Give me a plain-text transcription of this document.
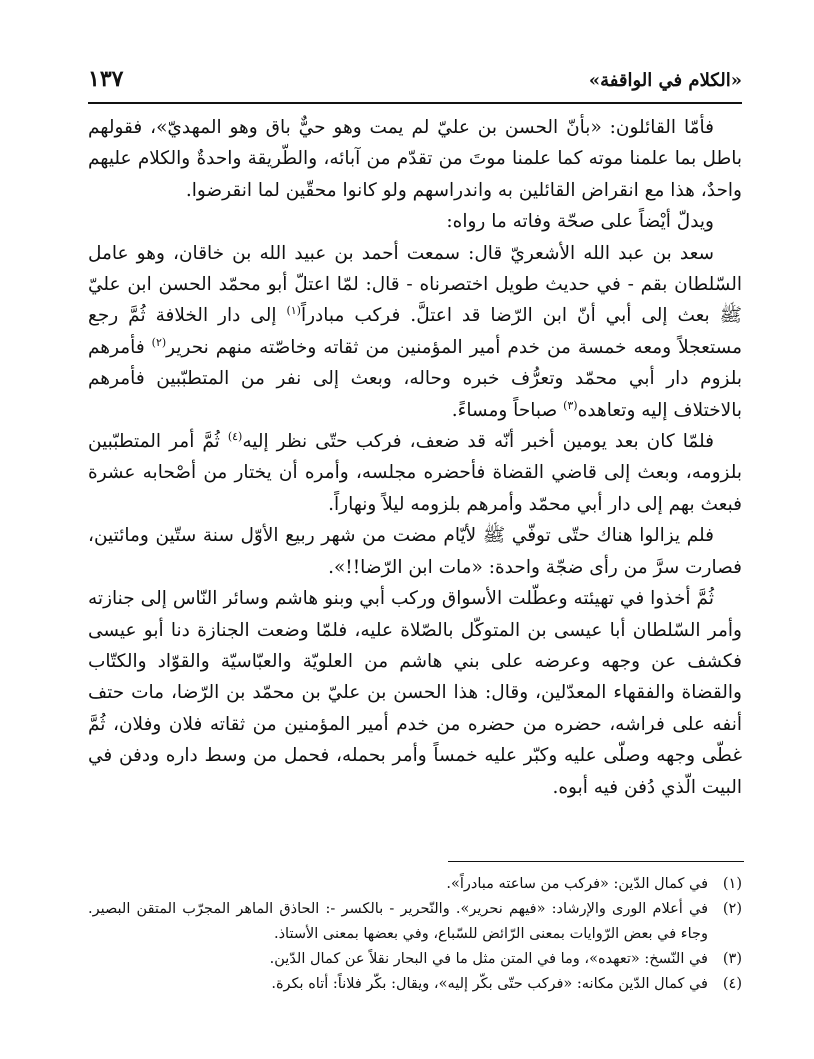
«الكلام في الواقفة»
١٣٧

فأمّا القائلون: «بأنّ الحسن بن عليّ لم يمت وهو حيٌّ باق وهو المهديّ»، فقولهم باطل بما علمنا موته كما علمنا موتَ من تقدّم من آبائه، والطّريقة واحدةٌ والكلام عليهم واحدٌ، هذا مع انقراض القائلين به واندراسهم ولو كانوا محقّين لما انقرضوا.

ويدلّ أيْضاً على صحّة وفاته ما رواه:

سعد بن عبد الله الأشعريّ قال: سمعت أحمد بن عبيد الله بن خاقان، وهو عامل السّلطان بقم - في حديث طويل اختصرناه - قال: لمّا اعتلّ أبو محمّد الحسن ابن عليّ ﷺ بعث إلى أبي أنّ ابن الرّضا قد اعتلَّ. فركب مبادراً$^{(١)}$ إلى دار الخلافة ثُمَّ رجع مستعجلاً ومعه خمسة من خدم أمير المؤمنين من ثقاته وخاصّته منهم نحرير$^{(٢)}$ فأمرهم بلزوم دار أبي محمّد وتعرُّف خبره وحاله، وبعث إلى نفر من المتطبّبين فأمرهم بالاختلاف إليه وتعاهده$^{(٣)}$ صباحاً ومساءً.

فلمّا كان بعد يومين أخبر أنّه قد ضعف، فركب حتّى نظر إليه$^{(٤)}$ ثُمَّ أمر المتطبّبين بلزومه، وبعث إلى قاضي القضاة فأحضره مجلسه، وأمره أن يختار من أصْحابه عشرة فبعث بهم إلى دار أبي محمّد وأمرهم بلزومه ليلاً ونهاراً.

فلم يزالوا هناك حتّى توفّي ﷺ لأيّام مضت من شهر ربيع الأوّل سنة ستّين ومائتين، فصارت سرَّ من رأى ضجّة واحدة: «مات ابن الرّضا!!».

ثُمَّ أخذوا في تهيئته وعطّلت الأسواق وركب أبي وبنو هاشم وسائر النّاس إلى جنازته وأمر السّلطان أبا عيسى بن المتوكّل بالصّلاة عليه، فلمّا وضعت الجنازة دنا أبو عيسى فكشف عن وجهه وعرضه على بني هاشم من العلويّة والعبّاسيّة والقوّاد والكتّاب والقضاة والفقهاء المعدّلين، وقال: هذا الحسن بن عليّ بن محمّد بن الرّضا، مات حتف أنفه على فراشه، حضره من حضره من خدم أمير المؤمنين من ثقاته فلان وفلان، ثُمَّ غطّى وجهه وصلّى عليه وكبّر عليه خمساً وأمر بحمله، فحمل من وسط داره ودفن في البيت الّذي دُفن فيه أبوه.

(١)
في كمال الدّين: «فركب من ساعته مبادراً».
(٢)
في أعلام الورى والإرشاد: «فيهم نحرير». والنّحرير - بالكسر -: الحاذق الماهر المجرّب المتقن البصير. وجاء في بعض الرّوايات بمعنى الرّائض للسّباع، وفي بعضها بمعنى الأستاذ.
(٣)
في النّسخ: «تعهده»، وما في المتن مثل ما في البحار نقلاً عن كمال الدّين.
(٤)
في كمال الدّين مكانه: «فركب حتّى بكّر إليه»، ويقال: بكّر فلاناً: أتاه بكرة.
